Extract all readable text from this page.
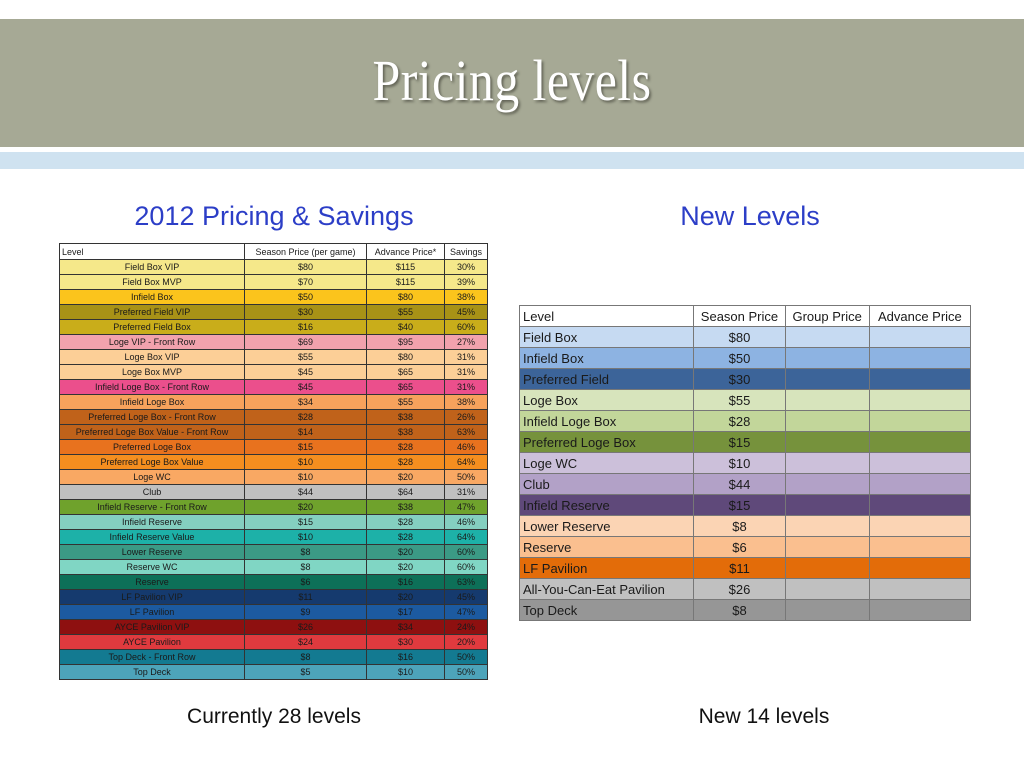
Pricing levels
2012 Pricing & Savings	New Levels
Level	Season Price (per game)	Advance Price*	Savings
Field Box VIP	$80	$115	30%
Field Box MVP	$70	$115	39%
Infield Box	$50	$80	38%
Preferred Field VIP	$30	$55	45%
Preferred Field Box	$16	$40	60%
Loge VIP - Front Row	$69	$95	27%
Loge Box VIP	$55	$80	31%
Loge Box MVP	$45	$65	31%
Infield Loge Box - Front Row	$45	$65	31%
Infield Loge Box	$34	$55	38%
Preferred Loge Box - Front Row	$28	$38	26%
Preferred Loge Box Value - Front Row	$14	$38	63%
Preferred Loge Box	$15	$28	46%
Preferred Loge Box Value	$10	$28	64%
Loge WC	$10	$20	50%
Club	$44	$64	31%
Infield Reserve - Front Row	$20	$38	47%
Infield Reserve	$15	$28	46%
Infield Reserve Value	$10	$28	64%
Lower Reserve	$8	$20	60%
Reserve WC	$8	$20	60%
Reserve	$6	$16	63%
LF Pavilion VIP	$11	$20	45%
LF Pavilion	$9	$17	47%
AYCE Pavilion VIP	$26	$34	24%
AYCE Pavilion	$24	$30	20%
Top Deck - Front Row	$8	$16	50%
Top Deck	$5	$10	50%
Level	Season Price	Group Price	Advance Price
Field Box	$80		
Infield Box	$50		
Preferred Field	$30		
Loge Box	$55		
Infield Loge Box	$28		
Preferred Loge Box	$15		
Loge WC	$10		
Club	$44		
Infield Reserve	$15		
Lower Reserve	$8		
Reserve	$6		
LF Pavilion	$11		
All-You-Can-Eat Pavilion	$26		
Top Deck	$8		
Currently 28 levels	New 14 levels
